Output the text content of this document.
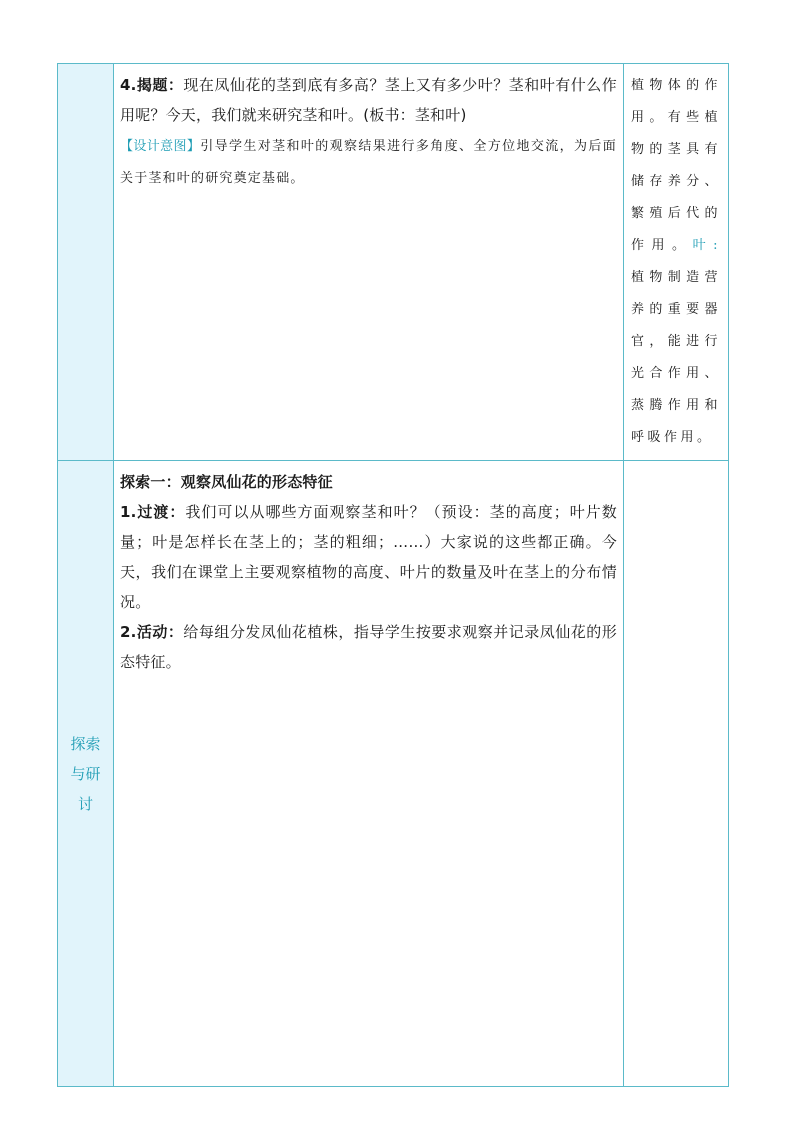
	4.揭题：现在凤仙花的茎到底有多高？茎上又有多少叶？茎和叶有什么作用呢？今天，我们就来研究茎和叶。(板书：茎和叶)

【设计意图】引导学生对茎和叶的观察结果进行多角度、全方位地交流，为后面关于茎和叶的研究奠定基础。	植物体的作用。有些植物的茎具有储存养分、繁殖后代的作用。叶: 植物制造营养的重要器官，能进行光合作用、蒸腾作用和呼吸作用。

探索与研讨	探索一：观察凤仙花的形态特征

1.过渡：我们可以从哪些方面观察茎和叶？（预设：茎的高度；叶片数量；叶是怎样长在茎上的；茎的粗细；……）大家说的这些都正确。今天，我们在课堂上主要观察植物的高度、叶片的数量及叶在茎上的分布情况。

2.活动：给每组分发凤仙花植株，指导学生按要求观察并记录凤仙花的形态特征。	
